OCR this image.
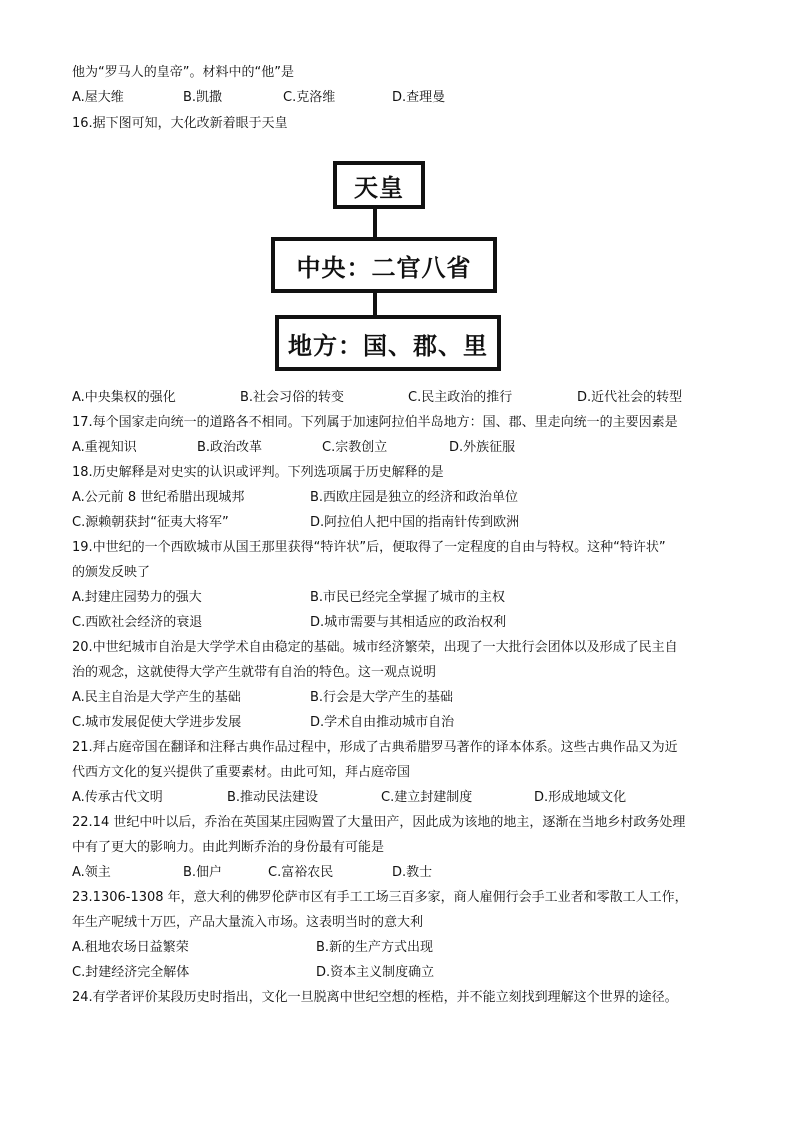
他为“罗马人的皇帝”。材料中的“他”是
A.屋大维	B.凯撒	C.克洛维	D.查理曼
16.据下图可知，大化改新着眼于天皇
天皇
中央：二官八省
地方：国、郡、里
A.中央集权的强化	B.社会习俗的转变	C.民主政治的推行	D.近代社会的转型
17.每个国家走向统一的道路各不相同。下列属于加速阿拉伯半岛地方：国、郡、里走向统一的主要因素是
A.重视知识	B.政治改革	C.宗教创立	D.外族征服
18.历史解释是对史实的认识或评判。下列选项属于历史解释的是
A.公元前 8 世纪希腊出现城邦	B.西欧庄园是独立的经济和政治单位
C.源赖朝获封“征夷大将军”	D.阿拉伯人把中国的指南针传到欧洲
19.中世纪的一个西欧城市从国王那里获得“特许状”后，便取得了一定程度的自由与特权。这种“特许状”
的颁发反映了
A.封建庄园势力的强大	B.市民已经完全掌握了城市的主权
C.西欧社会经济的衰退	D.城市需要与其相适应的政治权利
20.中世纪城市自治是大学学术自由稳定的基础。城市经济繁荣，出现了一大批行会团体以及形成了民主自
治的观念，这就使得大学产生就带有自治的特色。这一观点说明
A.民主自治是大学产生的基础	B.行会是大学产生的基础
C.城市发展促使大学进步发展	D.学术自由推动城市自治
21.拜占庭帝国在翻译和注释古典作品过程中，形成了古典希腊罗马著作的译本体系。这些古典作品又为近
代西方文化的复兴提供了重要素材。由此可知，拜占庭帝国
A.传承古代文明	B.推动民法建设	C.建立封建制度	D.形成地域文化
22.14 世纪中叶以后，乔治在英国某庄园购置了大量田产，因此成为该地的地主，逐渐在当地乡村政务处理
中有了更大的影响力。由此判断乔治的身份最有可能是
A.领主	B.佃户	C.富裕农民	D.教士
23.1306-1308 年，意大利的佛罗伦萨市区有手工工场三百多家，商人雇佣行会手工业者和零散工人工作，
年生产呢绒十万匹，产品大量流入市场。这表明当时的意大利
A.租地农场日益繁荣	B.新的生产方式出现
C.封建经济完全解体	D.资本主义制度确立
24.有学者评价某段历史时指出，文化一旦脱离中世纪空想的桎梏，并不能立刻找到理解这个世界的途径。
